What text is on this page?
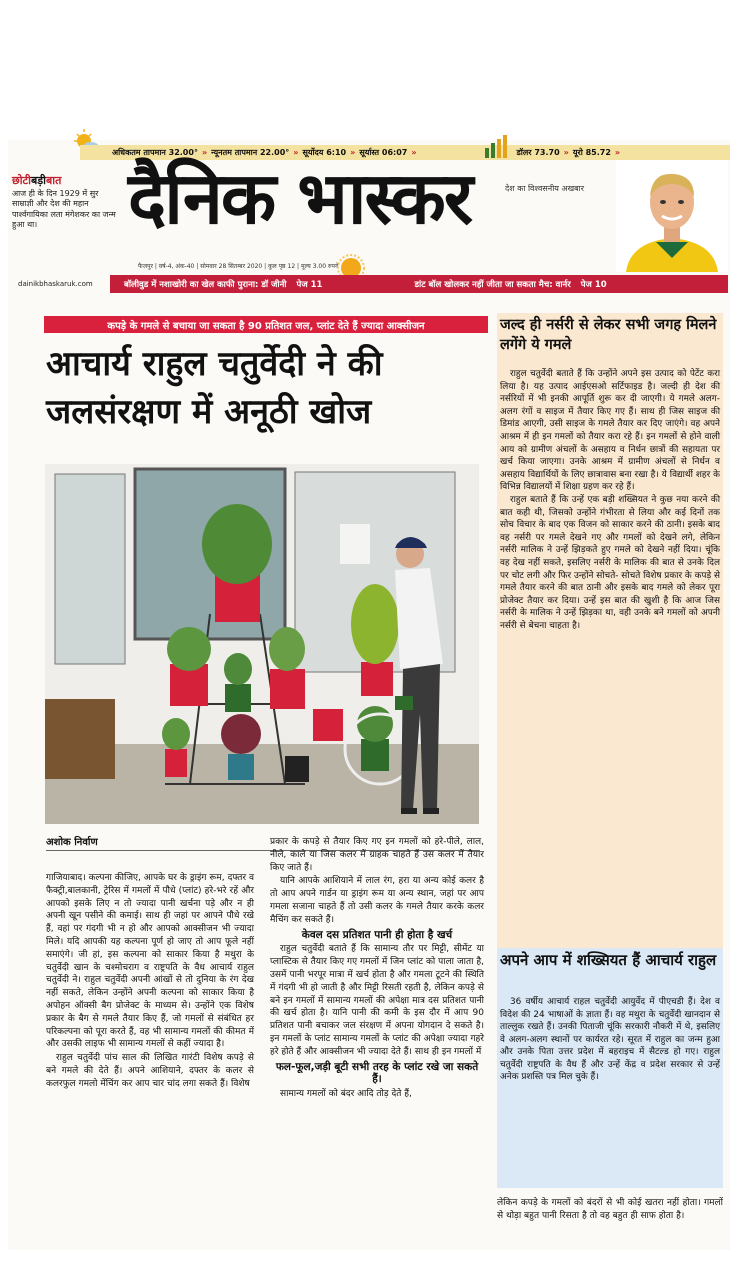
अधिकतम तापमान 32.00° » न्यूनतम तापमान 22.00° » सूर्योदय 6:10 » सूर्यास्त 06:07 »	डॉलर 73.70 » यूरो 85.72 »
छोटीबड़ीबात
आज ही के दिन 1929 में सुर साम्राज्ञी और देश की महान पार्श्वगायिका लता मंगेशकर का जन्म हुआ था।	दैनिक भास्कर	देश का विश्वसनीय अखबार
फैजपुर | वर्ष-4, अंक-40 | सोमवार 28 सितम्बर 2020 | कुल पृष्ठ 12 | मूल्य 3.00 रुपये
dainikbhaskaruk.com	बॉलीवुड में नशाखोरी का खेल काफी पुराना: डॉ जीनी पेज 11	डांट बॉल खोलकर नहीं जीता जा सकता मैच: वार्नर पेज 10
कपड़े के गमले से बचाया जा सकता है 90 प्रतिशत जल, प्लांट देते हैं ज्यादा आक्सीजन
आचार्य राहुल चतुर्वेदी ने की जलसंरक्षण में अनूठी खोज
अशोक निर्वाण

गाजियाबाद। कल्पना कीजिए, आपके घर के ड्राइंग रूम, दफ्तर व फैक्ट्री,बालकानी, ट्रेरिस में गमलों में पौधे (प्लांट) हरे-भरे रहें और आपको इसके लिए न तो ज्यादा पानी खर्चना पड़े और न ही अपनी खून पसीने की कमाई। साथ ही जहां पर आपने पौधे रखे हैं, वहां पर गंदगी भी न हो और आपको आक्सीजन भी ज्यादा मिले। यदि आपकी यह कल्पना पूर्ण हो जाए तो आप फूले नहीं समाएंगे। जी हां, इस कल्पना को साकार किया है मथुरा के चतुर्वेदी खान के चश्मोचराग व राष्ट्रपति के वैध आचार्य राहुल चतुर्वेदी ने। राहुल चतुर्वेदी अपनी आंखों से तो दुनिया के रंग देख नहीं सकते, लेकिन उन्होंने अपनी कल्पना को साकार किया है अपोहन ऑक्सी बैग प्रोजेक्ट के माध्यम से। उन्होंने एक विशेष प्रकार के बैग से गमले तैयार किए हैं, जो गमलों से संबंधित हर परिकल्पना को पूरा करते हैं, वह भी सामान्य गमलों की कीमत में और उसकी लाइफ भी सामान्य गमलों से कहीं ज्यादा है।

राहुल चतुर्वेदी पांच साल की लिखित गारंटी विशेष कपड़े से बने गमले की देते हैं। अपने आशियाने, दफ्तर के कलर से कलरफुल गमलो मेंचिंग कर आप चार चांद लगा सकते हैं। विशेष

प्रकार के कपड़े से तैयार किए गए इन गमलों को हरे-पीले, लाल, नीले, काले या जिस कलर में ग्राहक चाहते हैं उस कलर में तैयार किए जाते हैं।

यानि आपके आशियाने में लाल रंग, हरा या अन्य कोई कलर है तो आप अपने गार्डन या ड्राइंग रूम या अन्य स्थान, जहां पर आप गमला सजाना चाहते हैं तो उसी कलर के गमले तैयार करके कलर मैचिंग कर सकते हैं।

केवल दस प्रतिशत पानी ही होता है खर्च

राहुल चतुर्वेदी बताते हैं कि सामान्य तौर पर मिट्टी, सीमेंट या प्लास्टिक से तैयार किए गए गमलों में जिन प्लांट को पाला जाता है, उसमें पानी भरपूर मात्रा में खर्च होता है और गमला टूटने की स्थिति में गंदगी भी हो जाती है और मिट्टी रिसती रहती है, लेकिन कपड़े से बने इन गमलों में सामान्य गमलों की अपेक्षा मात्र दस प्रतिशत पानी की खर्च होता है। यानि पानी की कमी के इस दौर में आप 90 प्रतिशत पानी बचाकर जल संरक्षण में अपना योगदान दे सकते है। इन गमलों के प्लांट सामान्य गमलों के प्लांट की अपेक्षा ज्यादा गहरे हरे होते हैं और आक्सीजन भी ज्यादा देते हैं। साथ ही इन गमलों में

फल-फूल,जड़ी बूटी सभी तरह के प्लांट रखे जा सकते हैं।

सामान्य गमलों को बंदर आदि तोड़ देते हैं,

जल्द ही नर्सरी से लेकर सभी जगह मिलने लगेंगे ये गमले

राहुल चतुर्वेदी बताते हैं कि उन्होंने अपने इस उत्पाद को पेटेंट करा लिया है। यह उत्पाद आईएसओ सर्टिफाइड है। जल्दी ही देश की नर्सरियों में भी इनकी आपूर्ति शुरू कर दी जाएगी। ये गमले अलग-अलग रंगों व साइज में तैयार किए गए हैं। साथ ही जिस साइज की डिमांड आएगी, उसी साइज के गमले तैयार कर दिए जाएंगे। वह अपने आश्रम में ही इन गमलों को तैयार करा रहे हैं। इन गमलों से होने वाली आय को ग्रामीण अंचलों के असहाय व निर्धन छात्रों की सहायता पर खर्च किया जाएगा। उनके आश्रम में ग्रामीण अंचलों से निर्धन व असहाय विद्यार्थियों के लिए छात्रावास बना रखा है। ये विद्यार्थी शहर के विभिन्न विद्यालयों में शिक्षा ग्रहण कर रहे हैं।

राहुल बताते हैं कि उन्हें एक बड़ी शख्सियत ने कुछ नया करने की बात कही थी, जिसको उन्होंने गंभीरता से लिया और कई दिनों तक सोच विचार के बाद एक विजन को साकार करने की ठानी। इसके बाद वह नर्सरी पर गमले देखने गए और गमलों को देखने लगे, लेकिन नर्सरी मालिक ने उन्हें झिड़कते हुए गमले को देखने नहीं दिया। चूंकि वह देख नहीं सकते, इसलिए नर्सरी के मालिक की बात से उनके दिल पर चोट लगी और फिर उन्होंने सोचते- सोचते विशेष प्रकार के कपड़े से गमले तैयार करने की बात ठानी और इसके बाद गमले को लेकर पूरा प्रोजेक्ट तैयार कर दिया। उन्हें इस बात की खुशी है कि आज जिस नर्सरी के मालिक ने उन्हें झिड़का था, वही उनके बने गमलों को अपनी नर्सरी से बेचना चाहता है।

अपने आप में शख्सियत हैं आचार्य राहुल

36 वर्षीय आचार्य राहल चतुर्वेदी आयुर्वेद में पीएचडी हैं। देश व विदेश की 24 भाषाओं के ज्ञाता हैं। वह मथुरा के चतुर्वेदी खानदान से ताल्लुक रखते हैं। उनकी पिताजी चूंकि सरकारी नौकरी में थे, इसलिए वे अलग-अलग स्थानों पर कार्यरत रहे। सूरत में राहुल का जन्म हुआ और उनके पिता उत्तर प्रदेश में बहराइच में सैटल्ड हो गए। राहुल चतुर्वेदी राष्ट्रपति के वैध हैं और उन्हें केंद्र व प्रदेश सरकार से उन्हें अनेक प्रशस्ति पत्र मिल चुके हैं।

लेकिन कपड़े के गमलों को बंदरों से भी कोई खतरा नहीं होता। गमलों से थोड़ा बहुत पानी रिसता है तो वह बहुत ही साफ होता है।
